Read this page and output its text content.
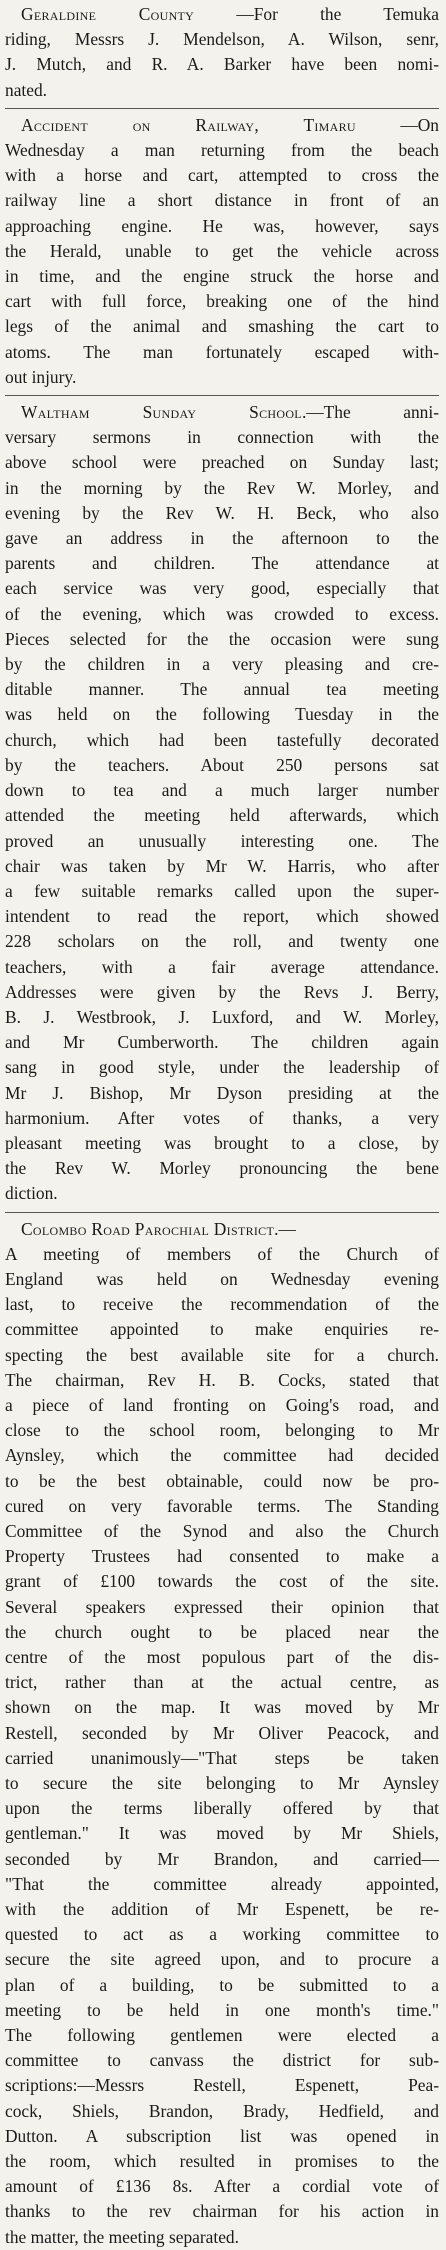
Geraldine County —For the Temuka
riding, Messrs J. Mendelson, A. Wilson, senr,
J. Mutch, and R. A. Barker have been nomi-
nated.
Accident on Railway, Timaru	—On
Wednesday a man returning from the beach
with a horse and cart, attempted to cross the
railway line a short distance in front of an
approaching engine. He was, however, says
the Herald, unable to get the vehicle across
in time, and the engine struck the horse and
cart with full force, breaking one of the hind
legs of the animal and smashing the cart to
atoms. The man fortunately escaped with-
out injury.
Waltham Sunday School.—The anni-
versary sermons in connection with the
above school were preached on Sunday last;
in the morning by the Rev W. Morley, and
evening by the Rev W. H. Beck, who also
gave an address in the afternoon to the
parents and children. The attendance at
each service was very good, especially that
of the evening, which was crowded to excess.
Pieces selected for the the occasion were sung
by the children in a very pleasing and cre-
ditable manner. The annual tea meeting
was held on the following Tuesday in the
church, which had been tastefully decorated
by the teachers. About 250 persons sat
down to tea and a much larger number
attended the meeting held afterwards, which
proved an unusually interesting one. The
chair was taken by Mr W. Harris, who after
a few suitable remarks called upon the super-
intendent to read the report, which showed
228 scholars on the roll, and twenty one
teachers, with a fair average attendance.
Addresses were given by the Revs J. Berry,
B. J. Westbrook, J. Luxford, and W. Morley,
and Mr Cumberworth. The children again
sang in good style, under the leadership of
Mr J. Bishop, Mr Dyson presiding at the
harmonium. After votes of thanks, a very
pleasant meeting was brought to a close, by
the Rev W. Morley pronouncing the bene
diction.
Colombo Road Parochial District.—
A meeting of members of the Church of
England was held on Wednesday evening
last, to receive the recommendation of the
committee appointed to make enquiries re-
specting the best available site for a church.
The chairman, Rev H. B. Cocks, stated that
a piece of land fronting on Going's road, and
close to the school room, belonging to Mr
Aynsley, which the committee had decided
to be the best obtainable, could now be pro-
cured on very favorable terms. The Standing
Committee of the Synod and also the Church
Property Trustees had consented to make a
grant of £100 towards the cost of the site.
Several speakers expressed their opinion that
the church ought to be placed near the
centre of the most populous part of the dis-
trict, rather than at the actual centre, as
shown on the map. It was moved by Mr
Restell, seconded by Mr Oliver Peacock, and
carried unanimously—"That steps be taken
to secure the site belonging to Mr Aynsley
upon the terms liberally offered by that
gentleman." It was moved by Mr Shiels,
seconded by Mr Brandon, and carried—
"That the committee already appointed,
with the addition of Mr Espenett, be re-
quested to act as a working committee to
secure the site agreed upon, and to procure a
plan of a building, to be submitted to a
meeting to be held in one month's time."
The following gentlemen were elected a
committee to canvass the district for sub-
scriptions:—Messrs Restell, Espenett, Pea-
cock, Shiels, Brandon, Brady, Hedfield, and
Dutton. A subscription list was opened in
the room, which resulted in promises to the
amount of £136 8s. After a cordial vote of
thanks to the rev chairman for his action in
the matter, the meeting separated.
